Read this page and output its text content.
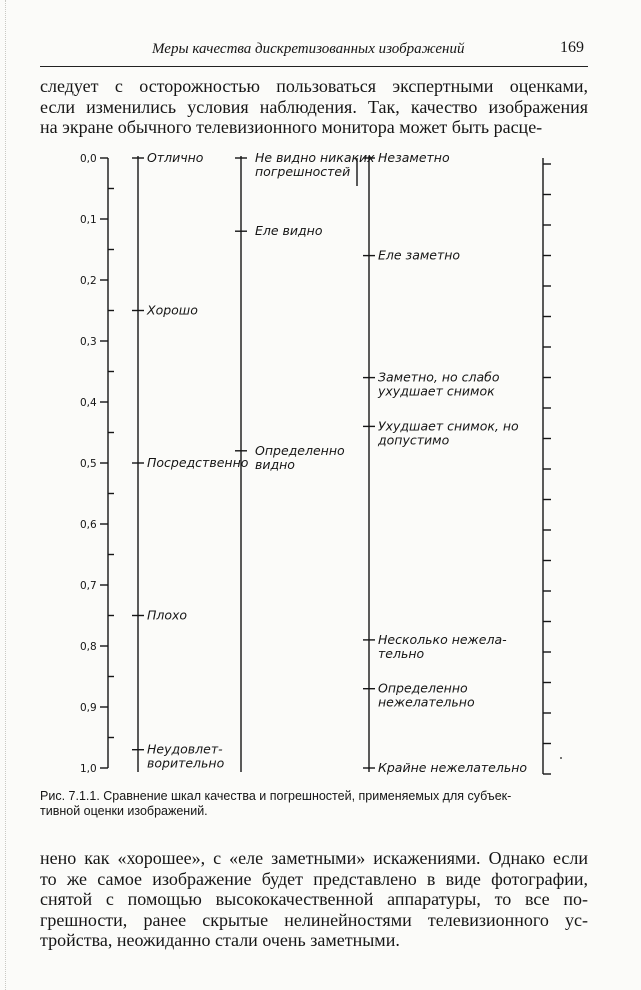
Меры качества дискретизованных изображений	169

следует с осторожностью пользоваться экспертными оценками,
если изменились условия наблюдения. Так, качество изображения
на экране обычного телевизионного монитора может быть расце-

0,0
0,1
0,2
0,3
0,4
0,5
0,6
0,7
0,8
0,9
1,0
Отлично
Хорошо
Посредственно
Плохо
Неудовлет-
ворительно
Не видно никаких
погрешностей
Еле видно
Определенно
видно
Незаметно
Еле заметно
Заметно, но слабо
ухудшает снимок
Ухудшает снимок, но
допустимо
Несколько нежела-
тельно
Определенно
нежелательно
Крайне нежелательно

Рис. 7.1.1. Сравнение шкал качества и погрешностей, применяемых для субъек-
тивной оценки изображений.

нено как «хорошее», с «еле заметными» искажениями. Однако если
то же самое изображение будет представлено в виде фотографии,
снятой с помощью высококачественной аппаратуры, то все по-
грешности, ранее скрытые нелинейностями телевизионного ус-
тройства, неожиданно стали очень заметными.
